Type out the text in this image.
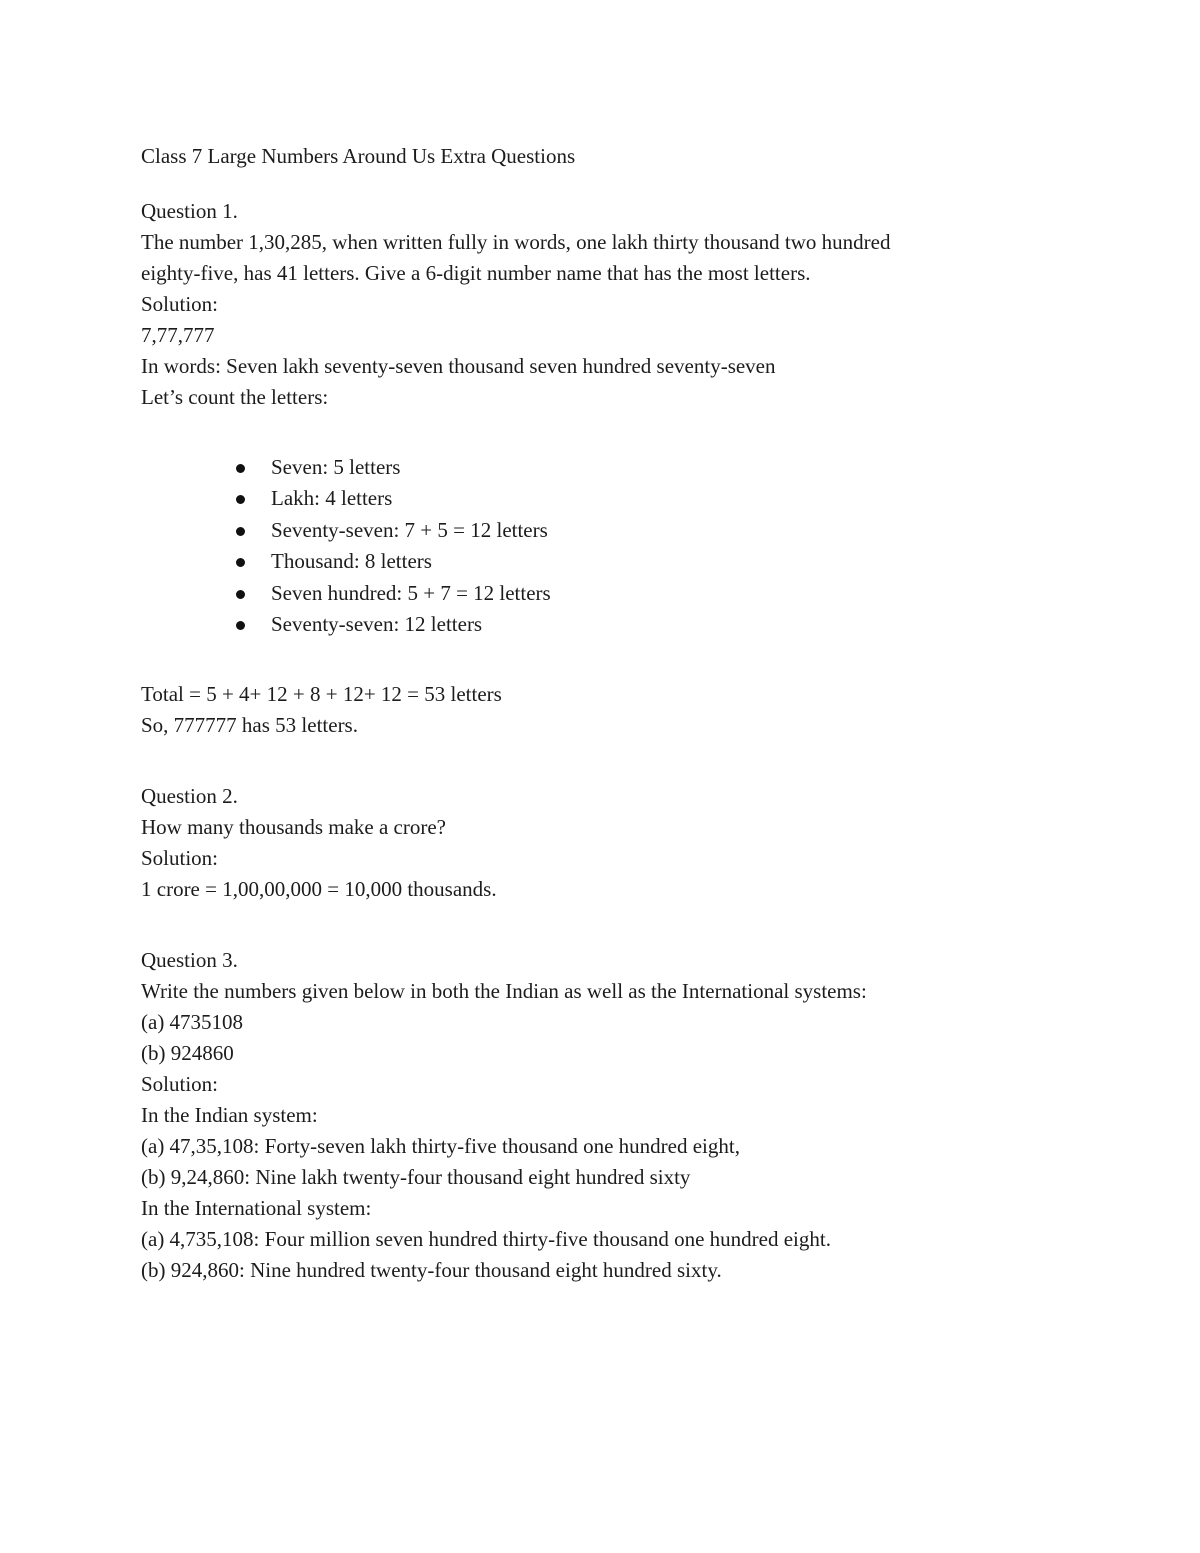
Class 7 Large Numbers Around Us Extra Questions
Question 1.
The number 1,30,285, when written fully in words, one lakh thirty thousand two hundred
eighty-five, has 41 letters. Give a 6-digit number name that has the most letters.
Solution:
7,77,777
In words: Seven lakh seventy-seven thousand seven hundred seventy-seven
Let’s count the letters:
Seven: 5 letters
Lakh: 4 letters
Seventy-seven: 7 + 5 = 12 letters
Thousand: 8 letters
Seven hundred: 5 + 7 = 12 letters
Seventy-seven: 12 letters
Total = 5 + 4+ 12 + 8 + 12+ 12 = 53 letters
So, 777777 has 53 letters.
Question 2.
How many thousands make a crore?
Solution:
1 crore = 1,00,00,000 = 10,000 thousands.
Question 3.
Write the numbers given below in both the Indian as well as the International systems:
(a) 4735108
(b) 924860
Solution:
In the Indian system:
(a) 47,35,108: Forty-seven lakh thirty-five thousand one hundred eight,
(b) 9,24,860: Nine lakh twenty-four thousand eight hundred sixty
In the International system:
(a) 4,735,108: Four million seven hundred thirty-five thousand one hundred eight.
(b) 924,860: Nine hundred twenty-four thousand eight hundred sixty.
